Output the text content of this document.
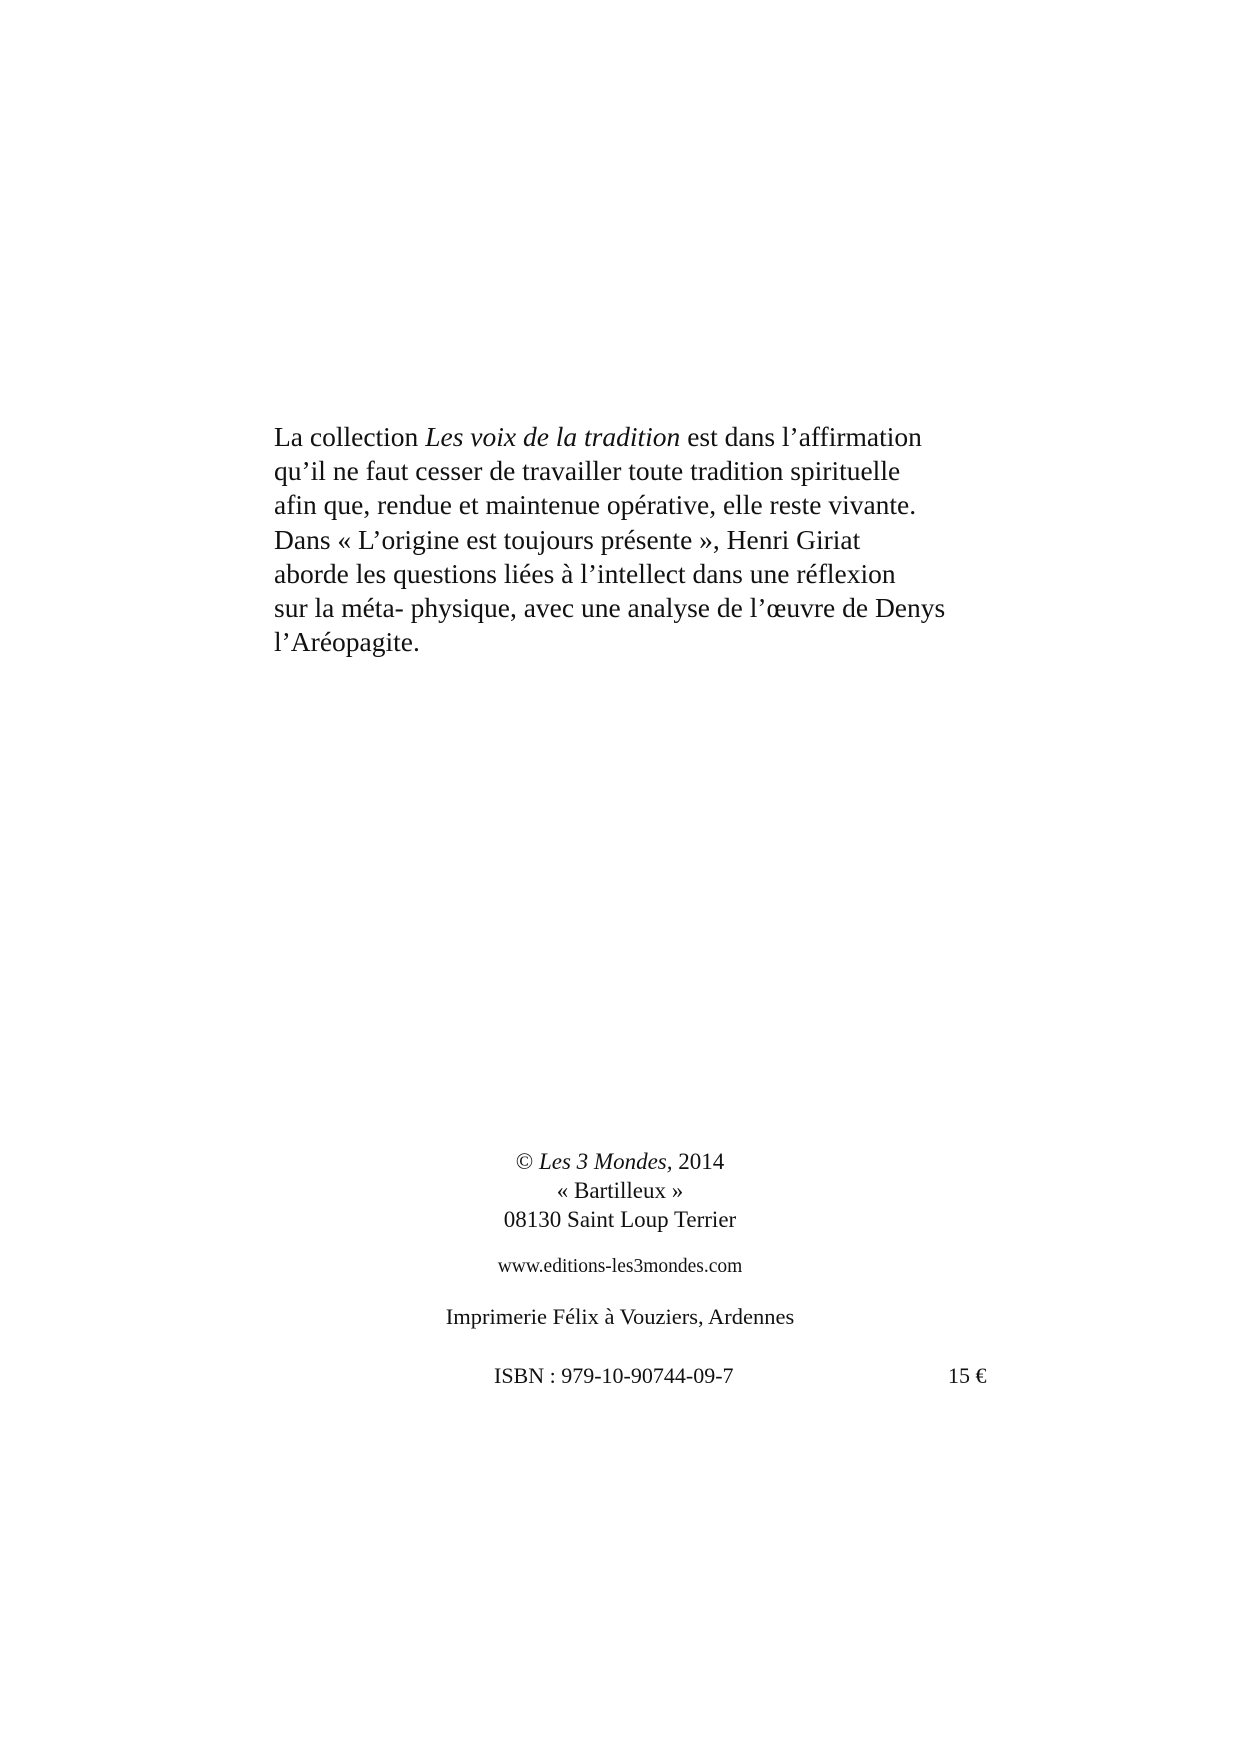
La collection Les voix de la tradition est dans l’affirmation
qu’il ne faut cesser de travailler toute tradition spirituelle
afin que, rendue et maintenue opérative, elle reste vivante.
Dans « L’origine est toujours présente », Henri Giriat
aborde les questions liées à l’intellect dans une réflexion
sur la méta- physique, avec une analyse de l’œuvre de Denys
l’Aréopagite.

© Les 3 Mondes, 2014
« Bartilleux »
08130 Saint Loup Terrier
www.editions-les3mondes.com
Imprimerie Félix à Vouziers, Ardennes
ISBN : 979-10-90744-09-7	15 €
